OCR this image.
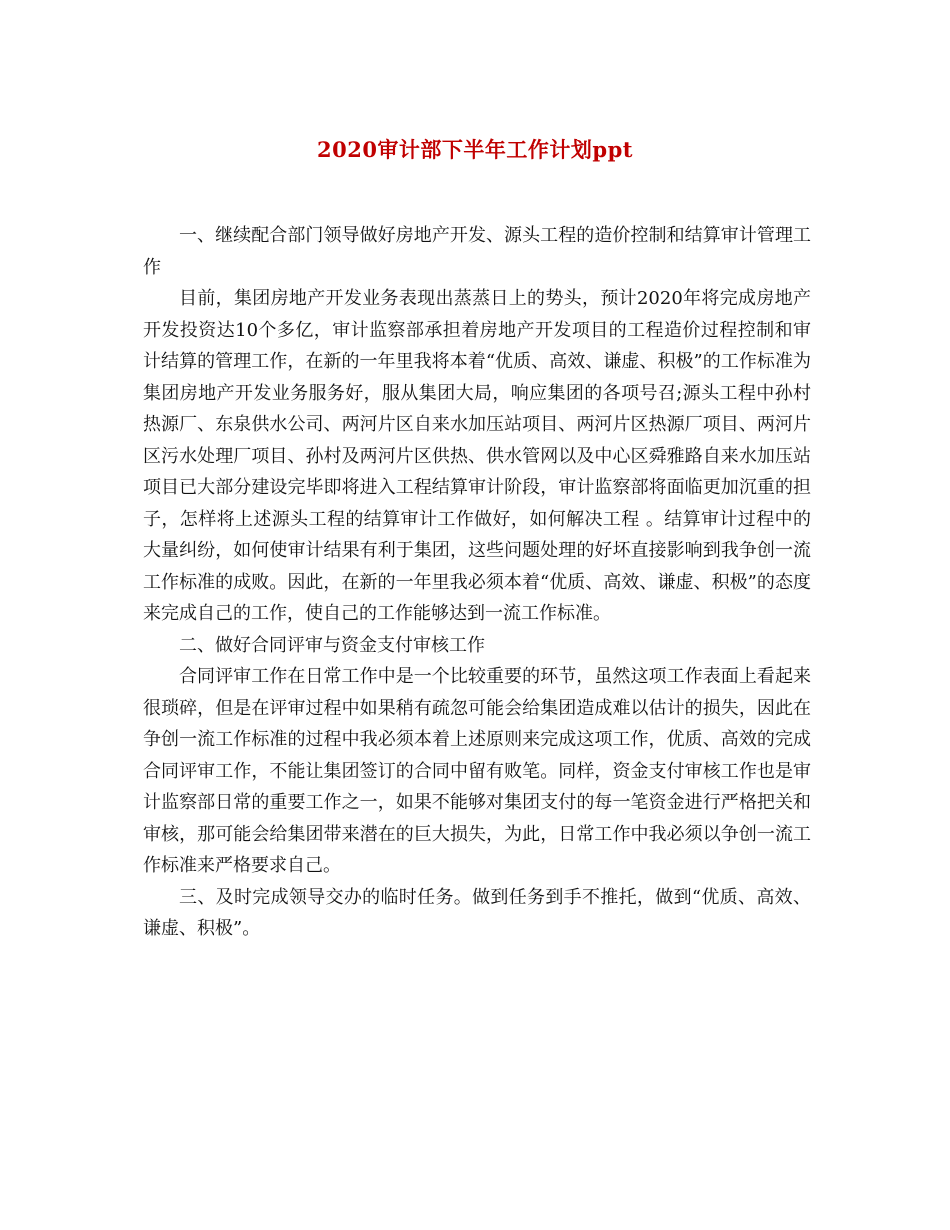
2020审计部下半年工作计划ppt

一、继续配合部门领导做好房地产开发、源头工程的造价控制和结算审计管理工作

目前，集团房地产开发业务表现出蒸蒸日上的势头，预计2020年将完成房地产开发投资达10个多亿，审计监察部承担着房地产开发项目的工程造价过程控制和审计结算的管理工作，在新的一年里我将本着“优质、高效、谦虚、积极”的工作标准为集团房地产开发业务服务好，服从集团大局，响应集团的各项号召;源头工程中孙村热源厂、东泉供水公司、两河片区自来水加压站项目、两河片区热源厂项目、两河片区污水处理厂项目、孙村及两河片区供热、供水管网以及中心区舜雅路自来水加压站项目已大部分建设完毕即将进入工程结算审计阶段，审计监察部将面临更加沉重的担子，怎样将上述源头工程的结算审计工作做好，如何解决工程 。结算审计过程中的大量纠纷，如何使审计结果有利于集团，这些问题处理的好坏直接影响到我争创一流工作标准的成败。因此，在新的一年里我必须本着“优质、高效、谦虚、积极”的态度来完成自己的工作，使自己的工作能够达到一流工作标准。

二、做好合同评审与资金支付审核工作

合同评审工作在日常工作中是一个比较重要的环节，虽然这项工作表面上看起来很琐碎，但是在评审过程中如果稍有疏忽可能会给集团造成难以估计的损失，因此在争创一流工作标准的过程中我必须本着上述原则来完成这项工作，优质、高效的完成合同评审工作，不能让集团签订的合同中留有败笔。同样，资金支付审核工作也是审计监察部日常的重要工作之一，如果不能够对集团支付的每一笔资金进行严格把关和审核，那可能会给集团带来潜在的巨大损失，为此，日常工作中我必须以争创一流工作标准来严格要求自己。

三、及时完成领导交办的临时任务。做到任务到手不推托，做到“优质、高效、谦虚、积极”。
